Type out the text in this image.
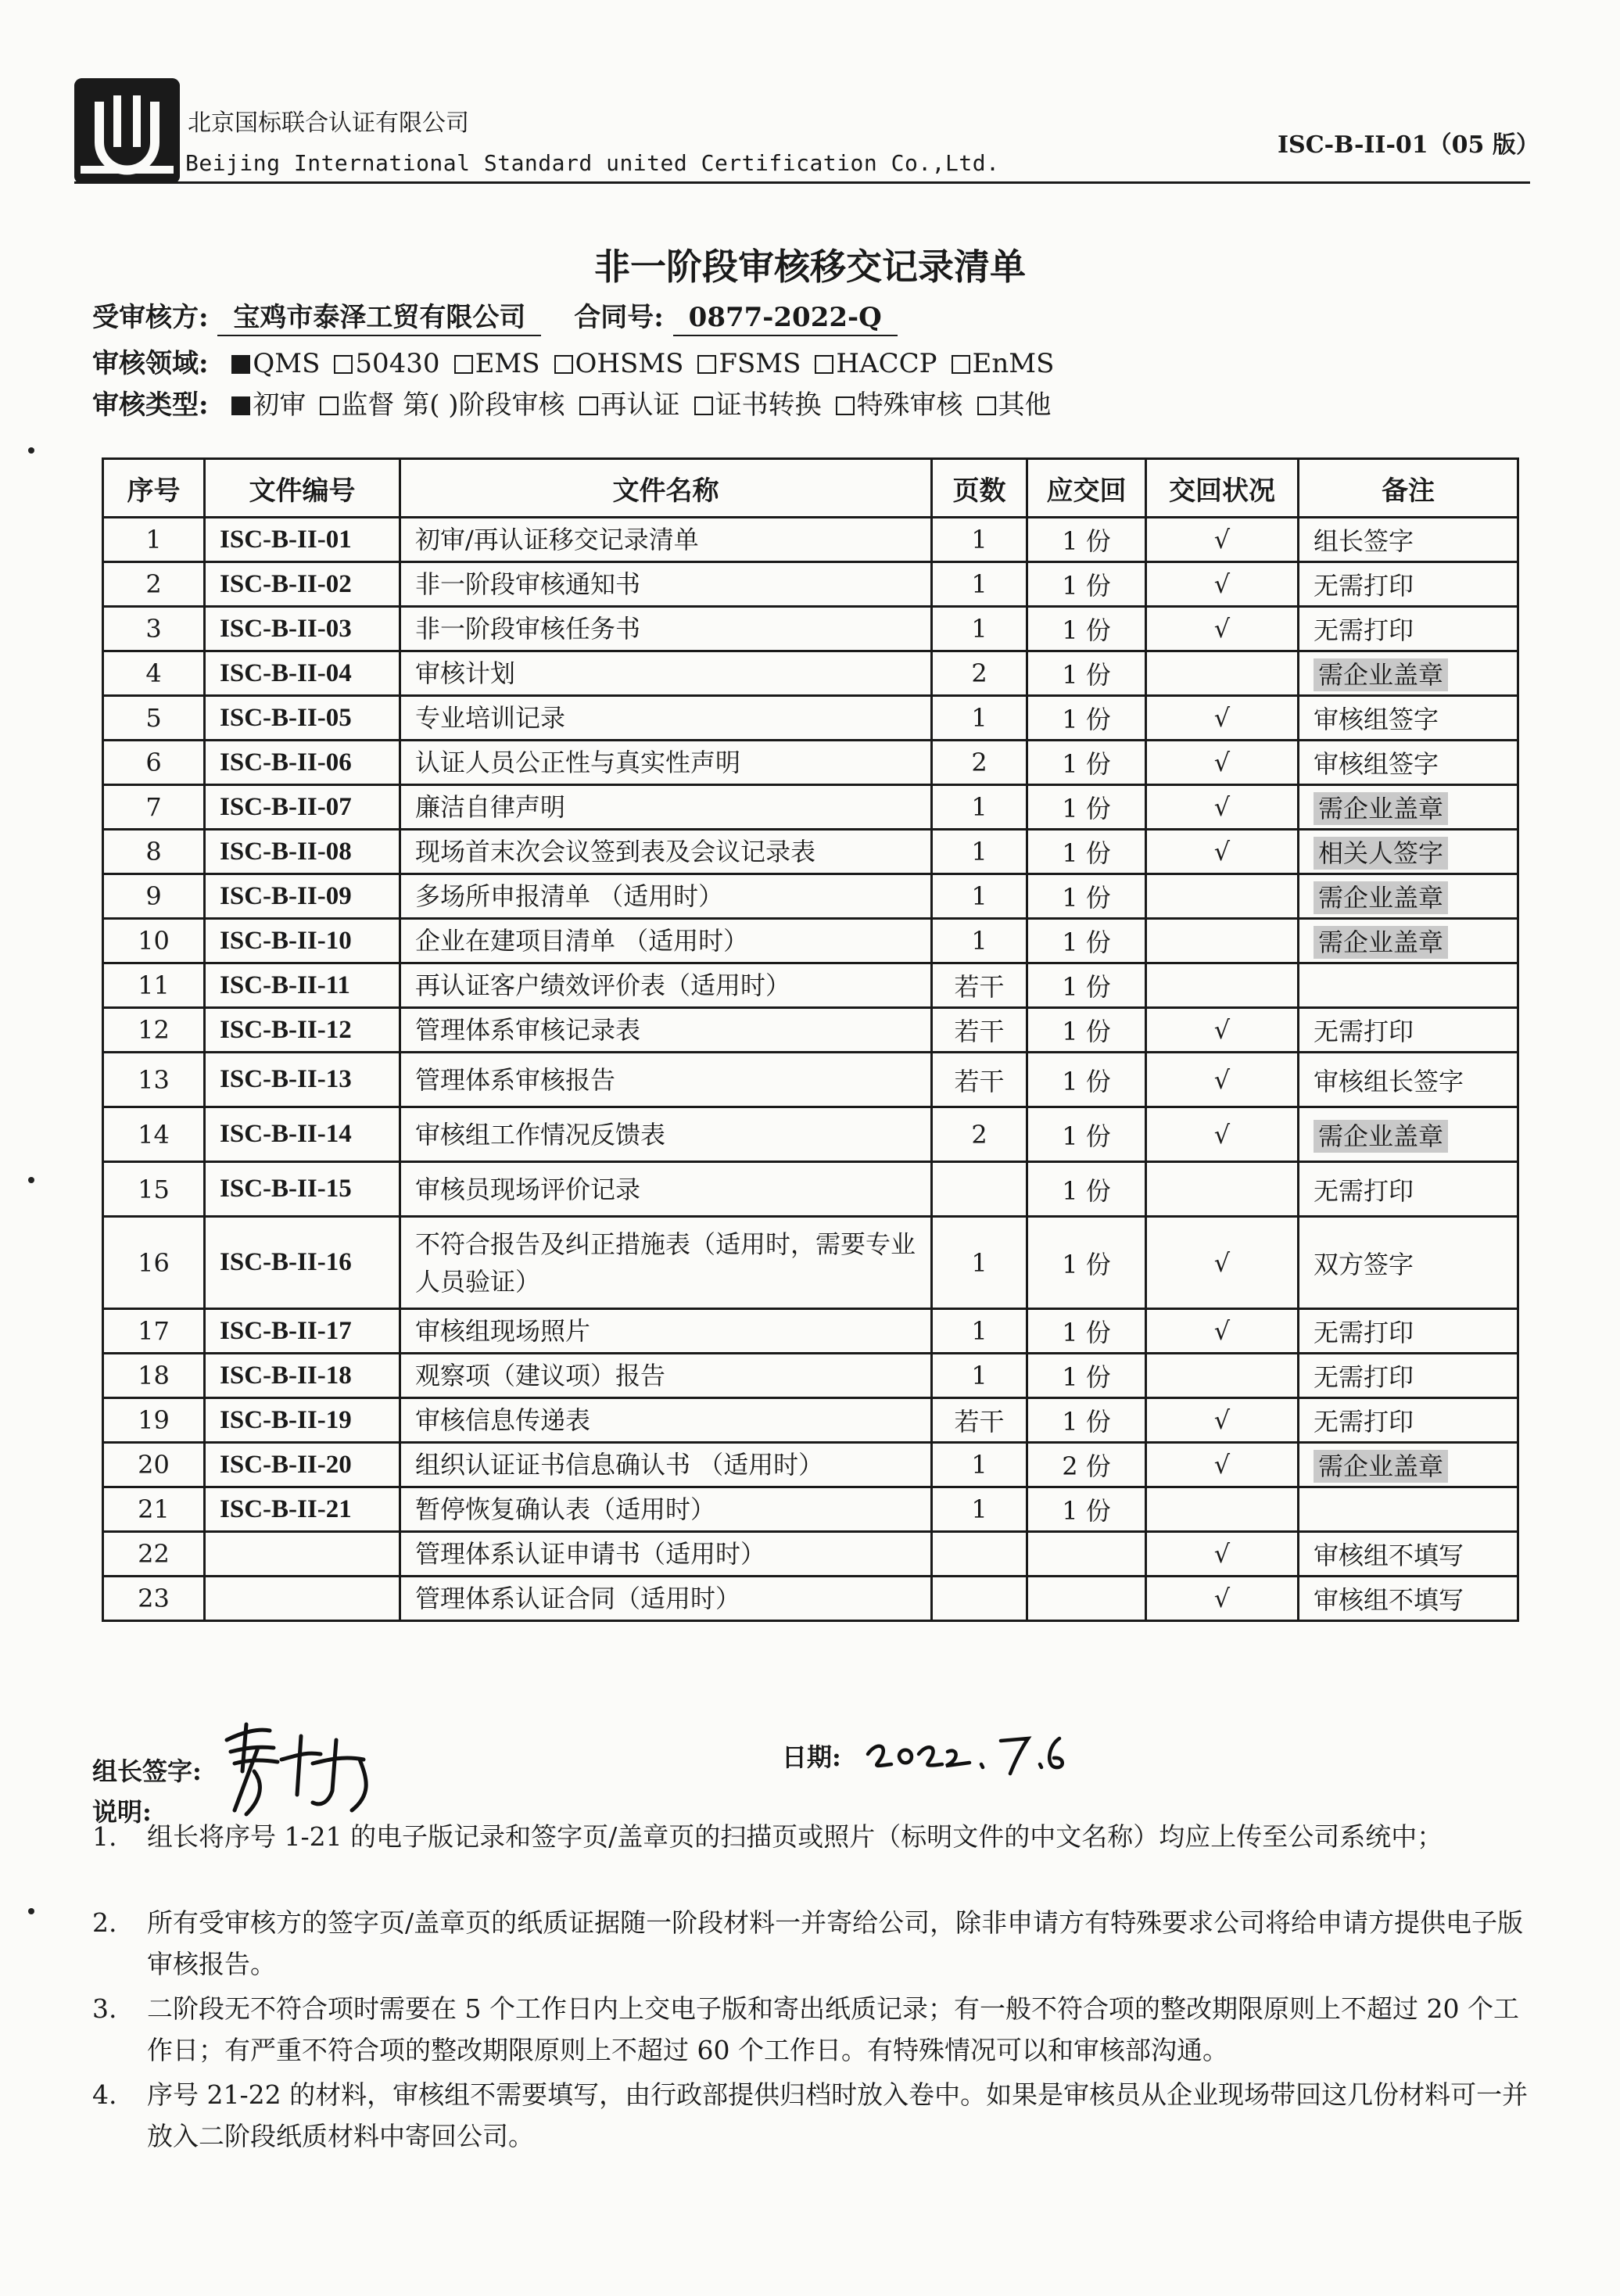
北京国标联合认证有限公司
Beijing International Standard united Certification Co.,Ltd.
ISC-B-II-01（05 版）
非一阶段审核移交记录清单
受审核方: 宝鸡市泰泽工贸有限公司 合同号: 0877-2022-Q
审核领域: QMS 50430 EMS OHSMS FSMS HACCP EnMS
审核类型: 初审 监督 第( )阶段审核 再认证 证书转换 特殊审核 其他
序号	文件编号	文件名称	页数	应交回	交回状况	备注
1	ISC-B-II-01	初审/再认证移交记录清单	1	1 份	√	组长签字
2	ISC-B-II-02	非一阶段审核通知书	1	1 份	√	无需打印
3	ISC-B-II-03	非一阶段审核任务书	1	1 份	√	无需打印
4	ISC-B-II-04	审核计划	2	1 份		需企业盖章
5	ISC-B-II-05	专业培训记录	1	1 份	√	审核组签字
6	ISC-B-II-06	认证人员公正性与真实性声明	2	1 份	√	审核组签字
7	ISC-B-II-07	廉洁自律声明	1	1 份	√	需企业盖章
8	ISC-B-II-08	现场首末次会议签到表及会议记录表	1	1 份	√	相关人签字
9	ISC-B-II-09	多场所申报清单 （适用时）	1	1 份		需企业盖章
10	ISC-B-II-10	企业在建项目清单 （适用时）	1	1 份		需企业盖章
11	ISC-B-II-11	再认证客户绩效评价表（适用时）	若干	1 份		
12	ISC-B-II-12	管理体系审核记录表	若干	1 份	√	无需打印
13	ISC-B-II-13	管理体系审核报告	若干	1 份	√	审核组长签字
14	ISC-B-II-14	审核组工作情况反馈表	2	1 份	√	需企业盖章
15	ISC-B-II-15	审核员现场评价记录		1 份		无需打印
16	ISC-B-II-16	不符合报告及纠正措施表（适用时，需要专业人员验证）	1	1 份	√	双方签字
17	ISC-B-II-17	审核组现场照片	1	1 份	√	无需打印
18	ISC-B-II-18	观察项（建议项）报告	1	1 份		无需打印
19	ISC-B-II-19	审核信息传递表	若干	1 份	√	无需打印
20	ISC-B-II-20	组织认证证书信息确认书 （适用时）	1	2 份	√	需企业盖章
21	ISC-B-II-21	暂停恢复确认表（适用时）	1	1 份		
22		管理体系认证申请书（适用时）			√	审核组不填写
23		管理体系认证合同（适用时）			√	审核组不填写
组长签字:	日期:
说明:
1.	组长将序号 1-21 的电子版记录和签字页/盖章页的扫描页或照片（标明文件的中文名称）均应上传至公司系统中；
2.	所有受审核方的签字页/盖章页的纸质证据随一阶段材料一并寄给公司，除非申请方有特殊要求公司将给申请方提供电子版审核报告。
3.	二阶段无不符合项时需要在 5 个工作日内上交电子版和寄出纸质记录；有一般不符合项的整改期限原则上不超过 20 个工作日；有严重不符合项的整改期限原则上不超过 60 个工作日。有特殊情况可以和审核部沟通。
4.	序号 21-22 的材料，审核组不需要填写，由行政部提供归档时放入卷中。如果是审核员从企业现场带回这几份材料可一并放入二阶段纸质材料中寄回公司。
